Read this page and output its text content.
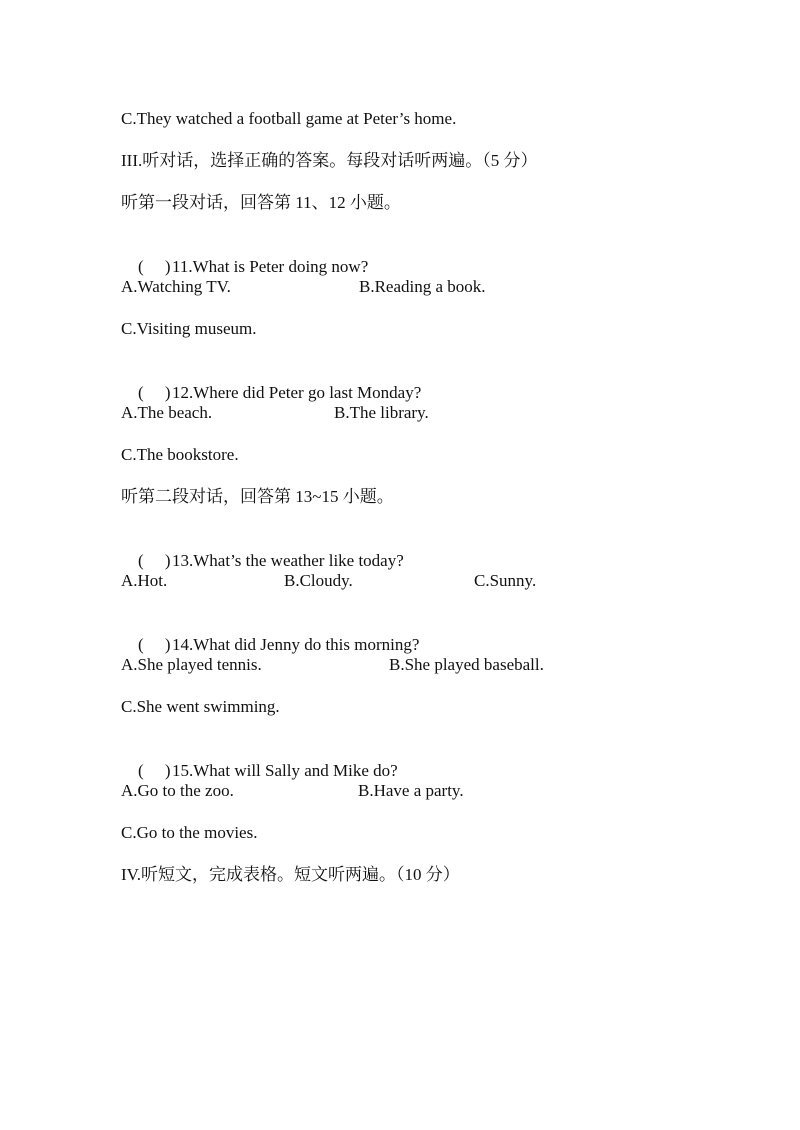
C.They watched a football game at Peter’s home.
III.听对话，选择正确的答案。每段对话听两遍。（5 分）
听第一段对话，回答第 11、12 小题。

(     )11.What is Peter doing now?

A.Watching TV.	B.Reading a book.
C.Visiting museum.

(     )12.Where did Peter go last Monday?

A.The beach.	B.The library.
C.The bookstore.
听第二段对话，回答第 13~15 小题。

(     )13.What’s the weather like today?

A.Hot.	B.Cloudy.	C.Sunny.

(     )14.What did Jenny do this morning?

A.She played tennis.	B.She played baseball.
C.She went swimming.

(     )15.What will Sally and Mike do?

A.Go to the zoo.	B.Have a party.
C.Go to the movies.
IV.听短文，完成表格。短文听两遍。（10 分）
